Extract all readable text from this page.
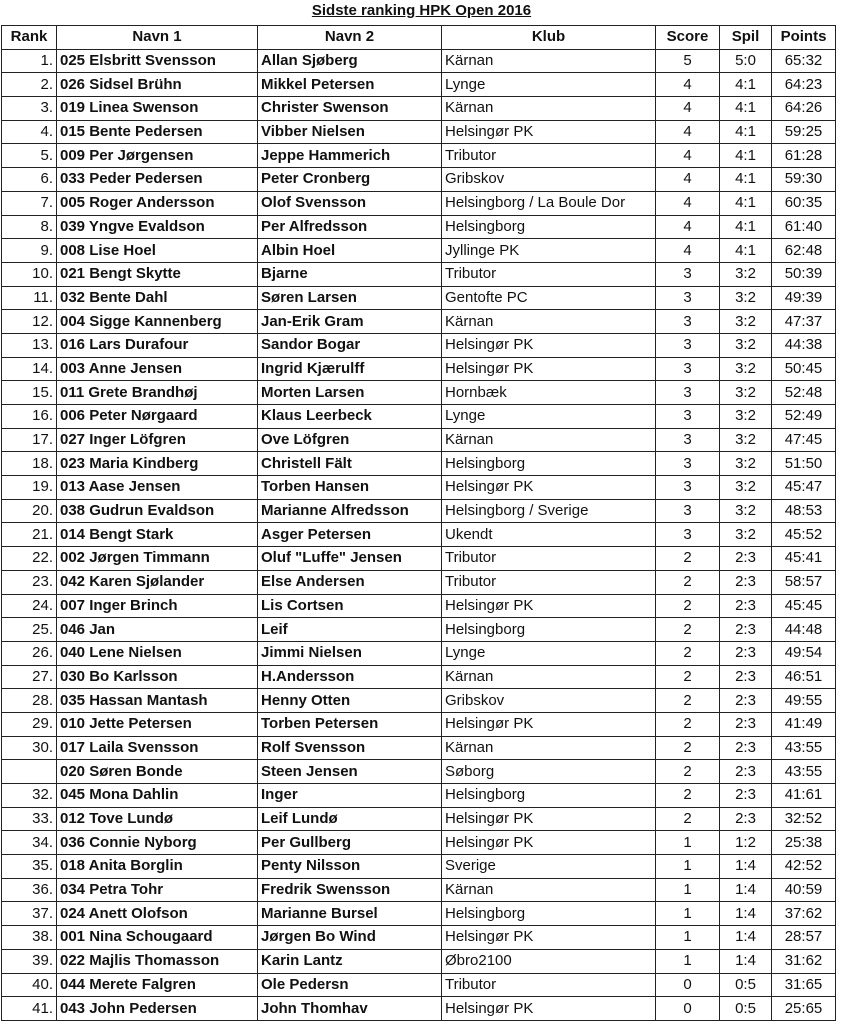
Sidste ranking HPK Open 2016
Rank	Navn 1	Navn 2	Klub	Score	Spil	Points
1.	025 Elsbritt Svensson	Allan Sjøberg	Kärnan	5	5:0	65:32
2.	026 Sidsel Brühn	Mikkel Petersen	Lynge	4	4:1	64:23
3.	019 Linea Swenson	Christer Swenson	Kärnan	4	4:1	64:26
4.	015 Bente Pedersen	Vibber Nielsen	Helsingør PK	4	4:1	59:25
5.	009 Per Jørgensen	Jeppe Hammerich	Tributor	4	4:1	61:28
6.	033 Peder Pedersen	Peter Cronberg	Gribskov	4	4:1	59:30
7.	005 Roger Andersson	Olof Svensson	Helsingborg / La Boule Dor	4	4:1	60:35
8.	039 Yngve Evaldson	Per Alfredsson	Helsingborg	4	4:1	61:40
9.	008 Lise Hoel	Albin Hoel	Jyllinge PK	4	4:1	62:48
10.	021 Bengt Skytte	Bjarne	Tributor	3	3:2	50:39
11.	032 Bente Dahl	Søren Larsen	Gentofte PC	3	3:2	49:39
12.	004 Sigge Kannenberg	Jan-Erik Gram	Kärnan	3	3:2	47:37
13.	016 Lars Durafour	Sandor Bogar	Helsingør PK	3	3:2	44:38
14.	003 Anne Jensen	Ingrid Kjærulff	Helsingør PK	3	3:2	50:45
15.	011 Grete Brandhøj	Morten Larsen	Hornbæk	3	3:2	52:48
16.	006 Peter Nørgaard	Klaus Leerbeck	Lynge	3	3:2	52:49
17.	027 Inger Löfgren	Ove Löfgren	Kärnan	3	3:2	47:45
18.	023 Maria Kindberg	Christell Fält	Helsingborg	3	3:2	51:50
19.	013 Aase Jensen	Torben Hansen	Helsingør PK	3	3:2	45:47
20.	038 Gudrun Evaldson	Marianne Alfredsson	Helsingborg / Sverige	3	3:2	48:53
21.	014 Bengt Stark	Asger Petersen	Ukendt	3	3:2	45:52
22.	002 Jørgen Timmann	Oluf "Luffe" Jensen	Tributor	2	2:3	45:41
23.	042 Karen Sjølander	Else Andersen	Tributor	2	2:3	58:57
24.	007 Inger Brinch	Lis Cortsen	Helsingør PK	2	2:3	45:45
25.	046 Jan	Leif	Helsingborg	2	2:3	44:48
26.	040 Lene Nielsen	Jimmi Nielsen	Lynge	2	2:3	49:54
27.	030 Bo Karlsson	H.Andersson	Kärnan	2	2:3	46:51
28.	035 Hassan Mantash	Henny Otten	Gribskov	2	2:3	49:55
29.	010 Jette Petersen	Torben Petersen	Helsingør PK	2	2:3	41:49
30.	017 Laila Svensson	Rolf Svensson	Kärnan	2	2:3	43:55
	020 Søren Bonde	Steen Jensen	Søborg	2	2:3	43:55
32.	045 Mona Dahlin	Inger	Helsingborg	2	2:3	41:61
33.	012 Tove Lundø	Leif Lundø	Helsingør PK	2	2:3	32:52
34.	036 Connie Nyborg	Per Gullberg	Helsingør PK	1	1:2	25:38
35.	018 Anita Borglin	Penty Nilsson	Sverige	1	1:4	42:52
36.	034 Petra Tohr	Fredrik Swensson	Kärnan	1	1:4	40:59
37.	024 Anett Olofson	Marianne Bursel	Helsingborg	1	1:4	37:62
38.	001 Nina Schougaard	Jørgen Bo Wind	Helsingør PK	1	1:4	28:57
39.	022 Majlis Thomasson	Karin Lantz	Øbro2100	1	1:4	31:62
40.	044 Merete Falgren	Ole Pedersn	Tributor	0	0:5	31:65
41.	043 John Pedersen	John Thomhav	Helsingør PK	0	0:5	25:65
